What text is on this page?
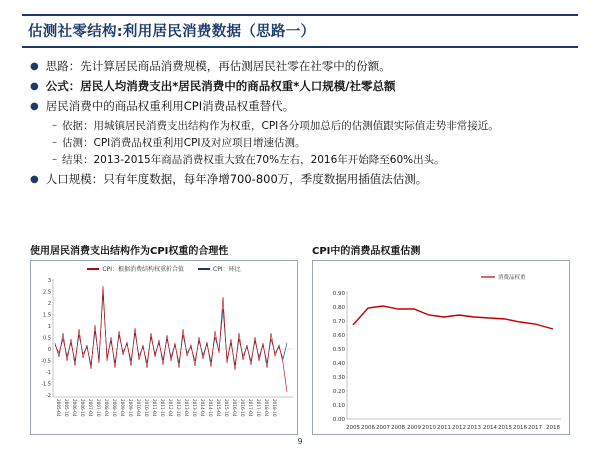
估测社零结构:利用居民消费数据（思路一）
● 思路：先计算居民商品消费规模，再估测居民社零在社零中的份额。
● 公式：居民人均消费支出*居民消费中的商品权重*人口规模/社零总额
● 居民消费中的商品权重利用CPI消费品权重替代。
– 依据：用城镇居民消费支出结构作为权重，CPI各分项加总后的估测值跟实际值走势非常接近。
– 估测：CPI消费品权重利用CPI及对应项目增速估测。
– 结果：2013-2015年商品消费权重大致在70%左右，2016年开始降至60%出头。
● 人口规模：只有年度数据，每年净增700-800万，季度数据用插值法估测。
使用居民消费支出结构作为CPI权重的合理性
CPI：根据消费结构权重折合值	CPI：环比
3
2.5
2
1.5
1
0.5
0
-0.5
-1
-1.5
-2
2005-04 2005-10 2006-04 2006-10 2007-04 2007-10 2008-04 2008-10 2009-04 2009-10 2010-04 2010-10 2011-04 2011-10 2012-04 2012-10 2013-04 2013-10 2014-04 2014-10 2015-04 2015-10 2016-04 2016-10 2017-04 2017-10 2018-04 2018-10
CPI中的消费品权重估测
消费品权重
0.90
0.80
0.70
0.60
0.50
0.40
0.30
0.20
0.10
0.00
2005 2006 2007 2008 2009 2010 2011 2012 2013 2014 2015 2016 2017 2018
9
